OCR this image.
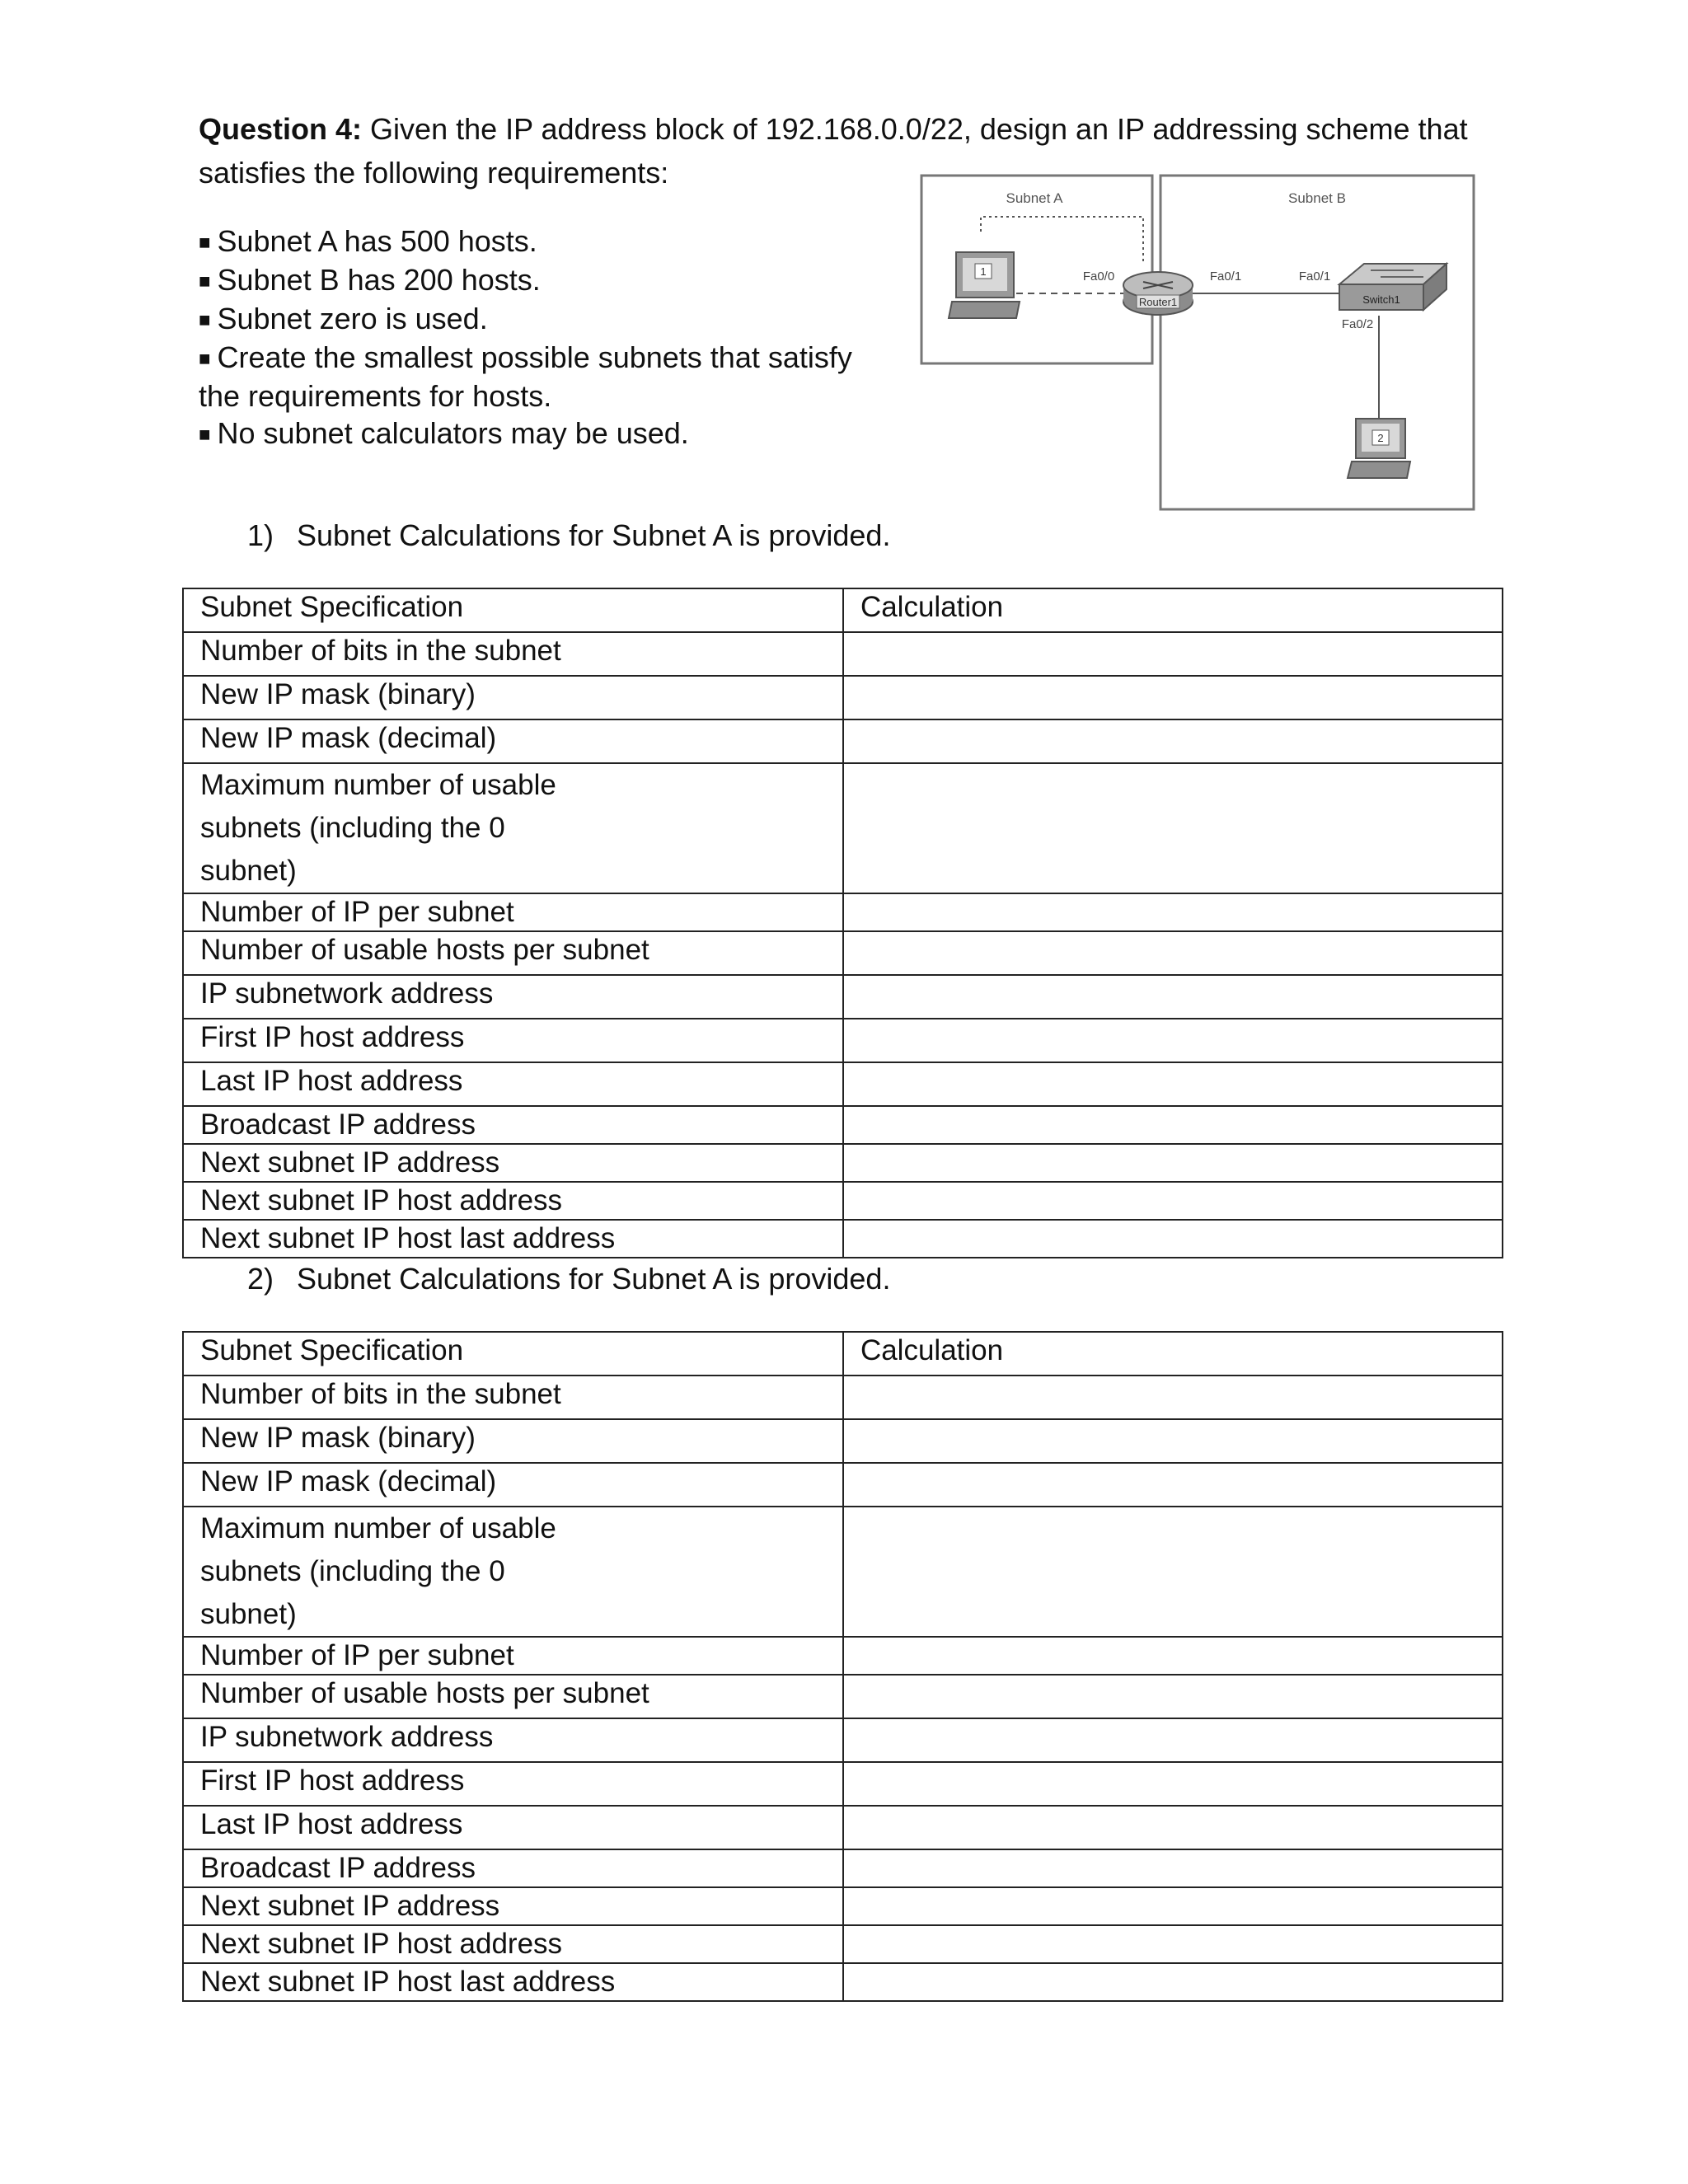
Question 4: Given the IP address block of 192.168.0.0/22, design an IP addressing scheme that satisfies the following requirements:
■ Subnet A has 500 hosts.
■ Subnet B has 200 hosts.
■ Subnet zero is used.
■ Create the smallest possible subnets that satisfy the requirements for hosts.
■ No subnet calculators may be used.
Subnet A	Subnet B
1
Router1
Fa0/0	Fa0/1
Switch1
Fa0/1
Fa0/2
2
1) Subnet Calculations for Subnet A is provided.
Subnet Specification	Calculation
Number of bits in the subnet	
New IP mask (binary)	
New IP mask (decimal)	
Maximum number of usable subnets (including the 0 subnet)	
Number of IP per subnet	
Number of usable hosts per subnet	
IP subnetwork address	
First IP host address	
Last IP host address	
Broadcast IP address	
Next subnet IP address	
Next subnet IP host address	
Next subnet IP host last address	
2) Subnet Calculations for Subnet A is provided.
Subnet Specification	Calculation
Number of bits in the subnet	
New IP mask (binary)	
New IP mask (decimal)	
Maximum number of usable subnets (including the 0 subnet)	
Number of IP per subnet	
Number of usable hosts per subnet	
IP subnetwork address	
First IP host address	
Last IP host address	
Broadcast IP address	
Next subnet IP address	
Next subnet IP host address	
Next subnet IP host last address	
